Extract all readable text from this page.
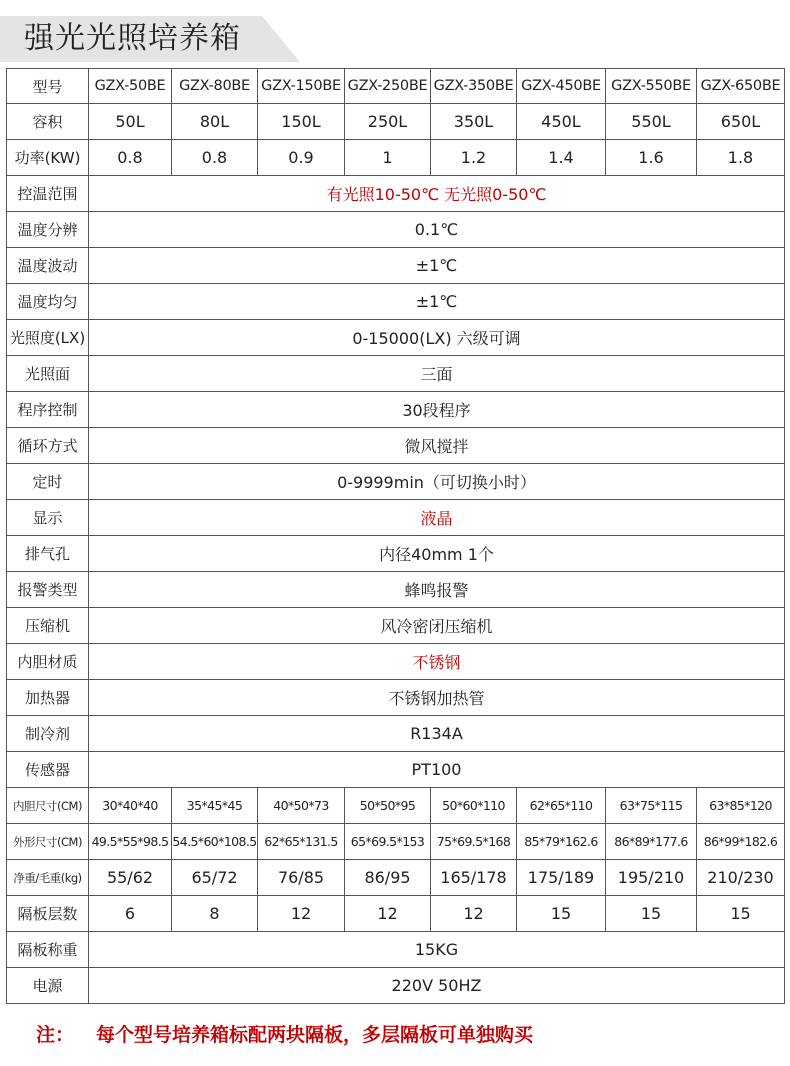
强光光照培养箱
型号	GZX-50BE	GZX-80BE	GZX-150BE	GZX-250BE	GZX-350BE	GZX-450BE	GZX-550BE	GZX-650BE
容积	50L	80L	150L	250L	350L	450L	550L	650L
功率(KW)	0.8	0.8	0.9	1	1.2	1.4	1.6	1.8
控温范围	有光照10-50℃ 无光照0-50℃							
温度分辨	0.1℃							
温度波动	±1℃							
温度均匀	±1℃							
光照度(LX)	0-15000(LX) 六级可调							
光照面	三面							
程序控制	30段程序							
循环方式	微风搅拌							
定时	0-9999min（可切换小时）							
显示	液晶							
排气孔	内径40mm 1个							
报警类型	蜂鸣报警							
压缩机	风冷密闭压缩机							
内胆材质	不锈钢							
加热器	不锈钢加热管							
制冷剂	R134A							
传感器	PT100							
内胆尺寸(CM)	30*40*40	35*45*45	40*50*73	50*50*95	50*60*110	62*65*110	63*75*115	63*85*120
外形尺寸(CM)	49.5*55*98.5	54.5*60*108.5	62*65*131.5	65*69.5*153	75*69.5*168	85*79*162.6	86*89*177.6	86*99*182.6
净重/毛重(kg)	55/62	65/72	76/85	86/95	165/178	175/189	195/210	210/230
隔板层数	6	8	12	12	12	15	15	15
隔板称重	15KG							
电源	220V 50HZ							
注： 每个型号培养箱标配两块隔板，多层隔板可单独购买
